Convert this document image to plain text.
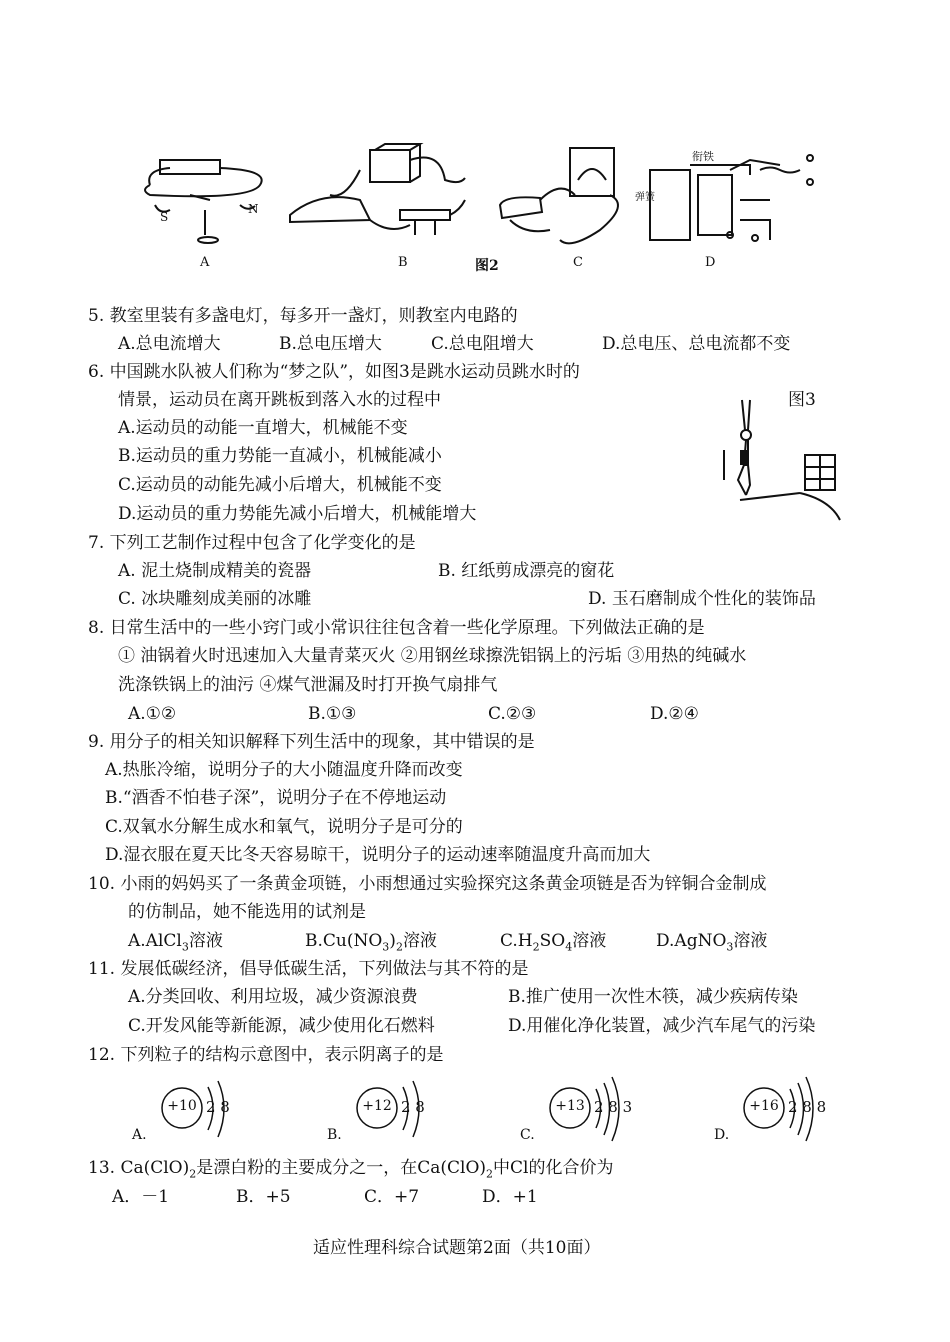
S
N
衔铁
弹簧
A	B	图2	C	D
5. 教室里装有多盏电灯，每多开一盏灯，则教室内电路的
A.总电流增大	B.总电压增大	C.总电阻增大	D.总电压、总电流都不变
6. 中国跳水队被人们称为“梦之队”，如图3是跳水运动员跳水时的
情景，运动员在离开跳板到落入水的过程中	图3
A.运动员的动能一直增大，机械能不变
B.运动员的重力势能一直减小，机械能减小
C.运动员的动能先减小后增大，机械能不变
D.运动员的重力势能先减小后增大，机械能增大
7. 下列工艺制作过程中包含了化学变化的是
A. 泥土烧制成精美的瓷器	B. 红纸剪成漂亮的窗花
C. 冰块雕刻成美丽的冰雕	D. 玉石磨制成个性化的装饰品
8. 日常生活中的一些小窍门或小常识往往包含着一些化学原理。下列做法正确的是
① 油锅着火时迅速加入大量青菜灭火 ②用钢丝球擦洗铝锅上的污垢 ③用热的纯碱水
洗涤铁锅上的油污 ④煤气泄漏及时打开换气扇排气
A.①②	B.①③	C.②③	D.②④
9. 用分子的相关知识解释下列生活中的现象，其中错误的是
A.热胀冷缩，说明分子的大小随温度升降而改变
B.“酒香不怕巷子深”，说明分子在不停地运动
C.双氧水分解生成水和氧气，说明分子是可分的
D.湿衣服在夏天比冬天容易晾干，说明分子的运动速率随温度升高而加大
10. 小雨的妈妈买了一条黄金项链，小雨想通过实验探究这条黄金项链是否为锌铜合金制成
的仿制品，她不能选用的试剂是
A.AlCl$_3$溶液	$B.Cu(NO_3)_2$溶液	$C.H_2SO_4$溶液	D.AgNO$_3$溶液
11. 发展低碳经济，倡导低碳生活，下列做法与其不符的是
A.分类回收、利用垃圾，减少资源浪费	B.推广使用一次性木筷，减少疾病传染
C.开发风能等新能源，减少使用化石燃料	D.用催化净化装置，减少汽车尾气的污染
12. 下列粒子的结构示意图中，表示阴离子的是
+10 2 8
A.
+12 2 8
B.
+13 2 8 3
C.
+16 2 8 8
D.
13. $Ca(ClO)_2$是漂白粉的主要成分之一，在$Ca(ClO)_2$中Cl的化合价为
A．－1	B．+5	C．+7	D．+1
适应性理科综合试题第2面（共10面）
